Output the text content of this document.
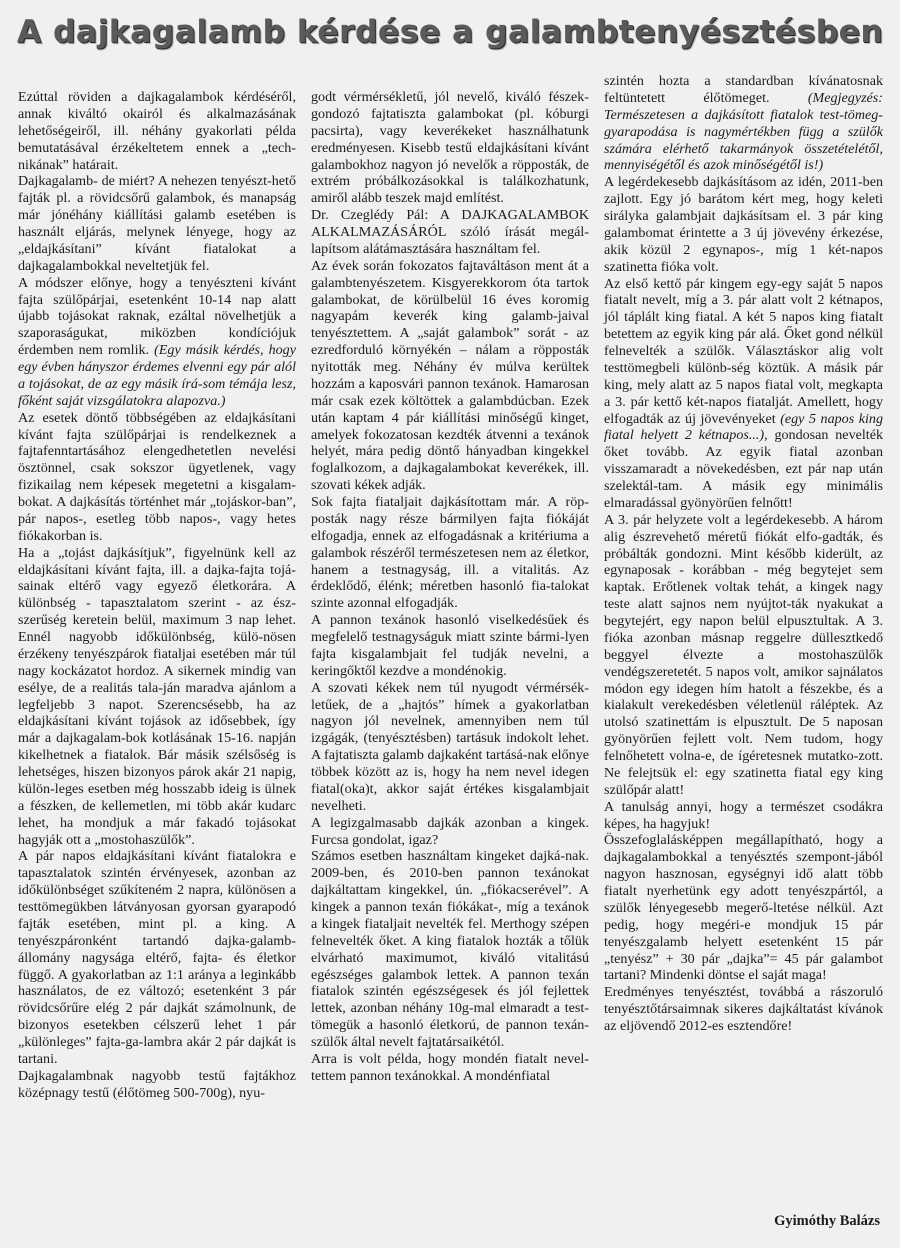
A dajkagalamb kérdése a galambtenyésztésben

Ezúttal röviden a dajkagalambok kérdéséről, annak kiváltó okairól és alkalmazásának lehetőségeiről, ill. néhány gyakorlati példa bemutatásával érzékeltetem ennek a „tech-nikának” határait.

Dajkagalamb- de miért? A nehezen tenyészt-hető fajták pl. a rövidcsőrű galambok, és manapság már jónéhány kiállítási galamb esetében is használt eljárás, melynek lényege, hogy az „eldajkásítani” kívánt fiatalokat a dajkagalambokkal neveltetjük fel.

A módszer előnye, hogy a tenyészteni kívánt fajta szülőpárjai, esetenként 10-14 nap alatt újabb tojásokat raknak, ezáltal növelhetjük a szaporaságukat, miközben kondíciójuk érdemben nem romlik. (Egy másik kérdés, hogy egy évben hányszor érdemes elvenni egy pár alól a tojásokat, de az egy másik írá-som témája lesz, főként saját vizsgálatokra alapozva.)

Az esetek döntő többségében az eldajkásítani kívánt fajta szülőpárjai is rendelkeznek a fajtafenntartásához elengedhetetlen nevelési ösztönnel, csak sokszor ügyetlenek, vagy fizikailag nem képesek megetetni a kisgalam-bokat. A dajkásítás történhet már „tojáskor-ban”, pár napos-, esetleg több napos-, vagy hetes fiókakorban is.

Ha a „tojást dajkásítjuk”, figyelnünk kell az eldajkásítani kívánt fajta, ill. a dajka-fajta tojá-sainak eltérő vagy egyező életkorára. A különbség - tapasztalatom szerint - az ész-szerűség keretein belül, maximum 3 nap lehet. Ennél nagyobb időkülönbség, külö-nösen érzékeny tenyészpárok fiataljai esetében már túl nagy kockázatot hordoz. A sikernek mindig van esélye, de a realitás tala-ján maradva ajánlom a legfeljebb 3 napot. Szerencsésebb, ha az eldajkásítani kívánt tojások az idősebbek, így már a dajkagalam-bok kotlásának 15-16. napján kikelhetnek a fiatalok. Bár másik szélsőség is lehetséges, hiszen bizonyos párok akár 21 napig, külön-leges esetben még hosszabb ideig is ülnek a fészken, de kellemetlen, mi több akár kudarc lehet, ha mondjuk a már fakadó tojásokat hagyják ott a „mostohaszülők”.

A pár napos eldajkásítani kívánt fiatalokra e tapasztalatok szintén érvényesek, azonban az időkülönbséget szűkíteném 2 napra, különösen a testtömegükben látványosan gyorsan gyarapodó fajták esetében, mint pl. a king. A tenyészpáronként tartandó dajka-galamb-állomány nagysága eltérő, fajta- és életkor függő. A gyakorlatban az 1:1 aránya a leginkább használatos, de ez változó; esetenként 3 pár rövidcsőrűre elég 2 pár dajkát számolnunk, de bizonyos esetekben célszerű lehet 1 pár „különleges” fajta-ga-lambra akár 2 pár dajkát is tartani.

Dajkagalambnak nagyobb testű fajtákhoz középnagy testű (élőtömeg 500-700g), nyu-

godt vérmérsékletű, jól nevelő, kiváló fészek-gondozó fajtatiszta galambokat (pl. kóburgi pacsirta), vagy keverékeket használhatunk eredményesen. Kisebb testű eldajkásítani kívánt galambokhoz nagyon jó nevelők a röpposták, de extrém próbálkozásokkal is találkozhatunk, amiről alább teszek majd említést.

Dr. Czeglédy Pál: A DAJKAGALAMBOK ALKALMAZÁSÁRÓL szóló írását megál-lapítsom alátámasztására használtam fel.

Az évek során fokozatos fajtaváltáson ment át a galambtenyészetem. Kisgyerekkorom óta tartok galambokat, de körülbelül 16 éves koromig nagyapám keverék king galamb-jaival tenyésztettem. A „saját galambok” sorát - az ezredforduló környékén – nálam a röpposták nyitották meg. Néhány év múlva kerültek hozzám a kaposvári pannon texánok. Hamarosan már csak ezek költöttek a galambdúcban. Ezek után kaptam 4 pár kiállítási minőségű kinget, amelyek fokozatosan kezdték átvenni a texánok helyét, mára pedig döntő hányadban kingekkel foglalkozom, a dajkagalambokat keverékek, ill. szovati kékek adják.

Sok fajta fiataljait dajkásítottam már. A röp-posták nagy része bármilyen fajta fiókáját elfogadja, ennek az elfogadásnak a kritériuma a galambok részéről természetesen nem az életkor, hanem a testnagyság, ill. a vitalitás. Az érdeklődő, élénk; méretben hasonló fia-talokat szinte azonnal elfogadják.

A pannon texánok hasonló viselkedésűek és megfelelő testnagyságuk miatt szinte bármi-lyen fajta kisgalambjait fel tudják nevelni, a keringőktől kezdve a mondénokig.

A szovati kékek nem túl nyugodt vérmérsék-letűek, de a „hajtós” hímek a gyakorlatban nagyon jól nevelnek, amennyiben nem túl izgágák, (tenyésztésben) tartásuk indokolt lehet. A fajtatiszta galamb dajkaként tartásá-nak előnye többek között az is, hogy ha nem nevel idegen fiatal(oka)t, akkor saját értékes kisgalambjait nevelheti.

A legizgalmasabb dajkák azonban a kingek. Furcsa gondolat, igaz?

Számos esetben használtam kingeket dajká-nak. 2009-ben, és 2010-ben pannon texánokat dajkáltattam kingekkel, ún. „fiókacserével”. A kingek a pannon texán fiókákat-, míg a texánok a kingek fiataljait nevelték fel. Merthogy szépen felnevelték őket. A king fiatalok hozták a tőlük elvárható maximumot, kiváló vitalitású egészséges galambok lettek. A pannon texán fiatalok szintén egészségesek és jól fejlettek lettek, azonban néhány 10g-mal elmaradt a test-tömegük a hasonló életkorú, de pannon texán-szülők által nevelt fajtatársaikétól.

Arra is volt példa, hogy mondén fiatalt nevel-tettem pannon texánokkal. A mondénfiatal

szintén hozta a standardban kívánatosnak feltüntetett élőtömeget.	(Megjegyzés: Természetesen a dajkásított fiatalok test-tömeg-gyarapodása is nagymértékben függ a szülők számára elérhető takarmányok összetételétől, mennyiségétől és azok minőségétől is!)

A legérdekesebb dajkásításom az idén, 2011-ben zajlott. Egy jó barátom kért meg, hogy keleti sirályka galambjait dajkásítsam el. 3 pár king galambomat érintette a 3 új jövevény érkezése, akik közül 2 egynapos-, míg 1 két-napos szatinetta fióka volt.

Az első kettő pár kingem egy-egy saját 5 napos fiatalt nevelt, míg a 3. pár alatt volt 2 kétnapos, jól táplált king fiatal. A két 5 napos king fiatalt betettem az egyik king pár alá. Őket gond nélkül felnevelték a szülők. Választáskor alig volt testtömegbeli különb-ség köztük. A másik pár king, mely alatt az 5 napos fiatal volt, megkapta a 3. pár kettő két-napos fiatalját. Amellett, hogy elfogadták az új jövevényeket (egy 5 napos king fiatal helyett 2 kétnapos...), gondosan nevelték őket tovább. Az egyik fiatal azonban visszamaradt a növekedésben, ezt pár nap után szelektál-tam. A másik egy minimális elmaradással gyönyörűen felnőtt!

A 3. pár helyzete volt a legérdekesebb. A három alig észrevehető méretű fiókát elfo-gadták, és próbálták gondozni. Mint később kiderült, az egynaposak - korábban - még begytejet sem kaptak. Erőtlenek voltak tehát, a kingek nagy teste alatt sajnos nem nyújtot-ták nyakukat a begytejért, egy napon belül elpusztultak. A 3. fióka azonban másnap reggelre düllesztkedő beggyel élvezte a mostohaszülők vendégszeretetét. 5 napos volt, amikor sajnálatos módon egy idegen hím hatolt a fészekbe, és a kialakult verekedésben véletlenül ráléptek. Az utolsó szatinettám is elpusztult. De 5 naposan gyönyörűen fejlett volt. Nem tudom, hogy felnőhetett volna-e, de ígéretesnek mutatko-zott. Ne felejtsük el: egy szatinetta fiatal egy king szülőpár alatt!

A tanulság annyi, hogy a természet csodákra képes, ha hagyjuk!

Összefoglalásképpen megállapítható, hogy a dajkagalambokkal a tenyésztés szempont-jából nagyon hasznosan, egységnyi idő alatt több fiatalt nyerhetünk egy adott tenyészpártól, a szülők lényegesebb megerő-ltetése nélkül. Azt pedig, hogy megéri-e mondjuk 15 pár tenyészgalamb helyett esetenként 15 pár „tenyész” + 30 pár „dajka”= 45 pár galambot tartani? Mindenki döntse el saját maga!

Eredményes tenyésztést, továbbá a rászoruló tenyésztőtársaimnak sikeres dajkáltatást kívánok az eljövendő 2012-es esztendőre!

Gyimóthy Balázs
